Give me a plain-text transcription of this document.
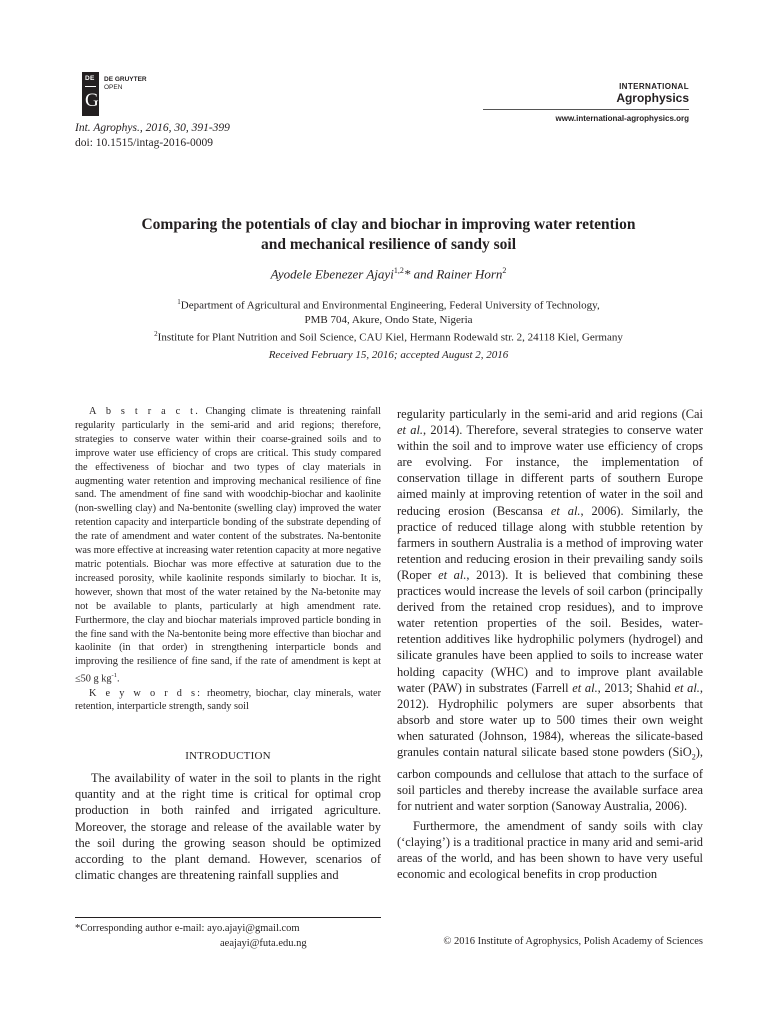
DE
G
DE GRUYTER
OPEN
Int. Agrophys., 2016, 30, 391-399
doi: 10.1515/intag-2016-0009
INTERNATIONAL
Agrophysics
www.international-agrophysics.org
Comparing the potentials of clay and biochar in improving water retention
and mechanical resilience of sandy soil
Ayodele Ebenezer Ajayi$^{1,2}$* and Rainer Horn$^2$
$^1$Department of Agricultural and Environmental Engineering, Federal University of Technology,
PMB 704, Akure, Ondo State, Nigeria
$^2$Institute for Plant Nutrition and Soil Science, CAU Kiel, Hermann Rodewald str. 2, 24118 Kiel, Germany
Received February 15, 2016; accepted August 2, 2016

A b s t r a c t. Changing climate is threatening rainfall regularity particularly in the semi-arid and arid regions; therefore, strategies to conserve water within their coarse-grained soils and to improve water use efficiency of crops are critical. This study compared the effectiveness of biochar and two types of clay materials in augmenting water retention and improving mechanical resilience of fine sand. The amendment of fine sand with woodchip-biochar and kaolinite (non-swelling clay) and Na-bentonite (swelling clay) improved the water retention capacity and interparticle bonding of the substrate depending of the rate of amendment and water content of the substrates. Na-bentonite was more effective at increasing water retention capacity at more negative matric potentials. Biochar was more effective at saturation due to the increased porosity, while kaolinite responds similarly to biochar. It is, however, shown that most of the water retained by the Na-betonite may not be available to plants, particularly at high amendment rate. Furthermore, the clay and biochar materials improved particle bonding in the fine sand with the Na-bentonite being more effective than biochar and kaolinite (in that order) in strengthening interparticle bonds and improving the resilience of fine sand, if the rate of amendment is kept at ≤50 g $kg^{-1}$.

K e y w o r d s: rheometry, biochar, clay minerals, water retention, interparticle strength, sandy soil

INTRODUCTION

The availability of water in the soil to plants in the right quantity and at the right time is critical for optimal crop production in both rainfed and irrigated agriculture. Moreover, the storage and release of the available water by the soil during the growing season should be optimized according to the plant demand. However, scenarios of climatic changes are threatening rainfall supplies and

regularity particularly in the semi-arid and arid regions (Cai et al., 2014). Therefore, several strategies to conserve water within the soil and to improve water use efficiency of crops are evolving. For instance, the implementation of conservation tillage in different parts of southern Europe aimed mainly at improving retention of water in the soil and reducing erosion (Bescansa et al., 2006). Similarly, the practice of reduced tillage along with stubble retention by farmers in southern Australia is a method of improving water retention and reducing erosion in their prevailing sandy soils (Roper et al., 2013). It is believed that combining these practices would increase the levels of soil carbon (principally derived from the retained crop residues), and to improve water retention properties of the soil. Besides, water-retention additives like hydrophilic polymers (hydrogel) and silicate granules have been applied to soils to increase water holding capacity (WHC) and to improve plant available water (PAW) in substrates (Farrell et al., 2013; Shahid et al., 2012). Hydrophilic polymers are super absorbents that absorb and store water up to 500 times their own weight when saturated (Johnson, 1984), whereas the silicate-based granules contain natural silicate based stone powders (SiO$_2$), carbon compounds and cellulose that attach to the surface of soil particles and thereby increase the available surface area for nutrient and water sorption (Sanoway Australia, 2006).

Furthermore, the amendment of sandy soils with clay (‘claying’) is a traditional practice in many arid and semi-arid areas of the world, and has been shown to have very useful economic and ecological benefits in crop production

*Corresponding author e-mail: ayo.ajayi@gmail.com
aeajayi@futa.edu.ng	© 2016 Institute of Agrophysics, Polish Academy of Sciences
